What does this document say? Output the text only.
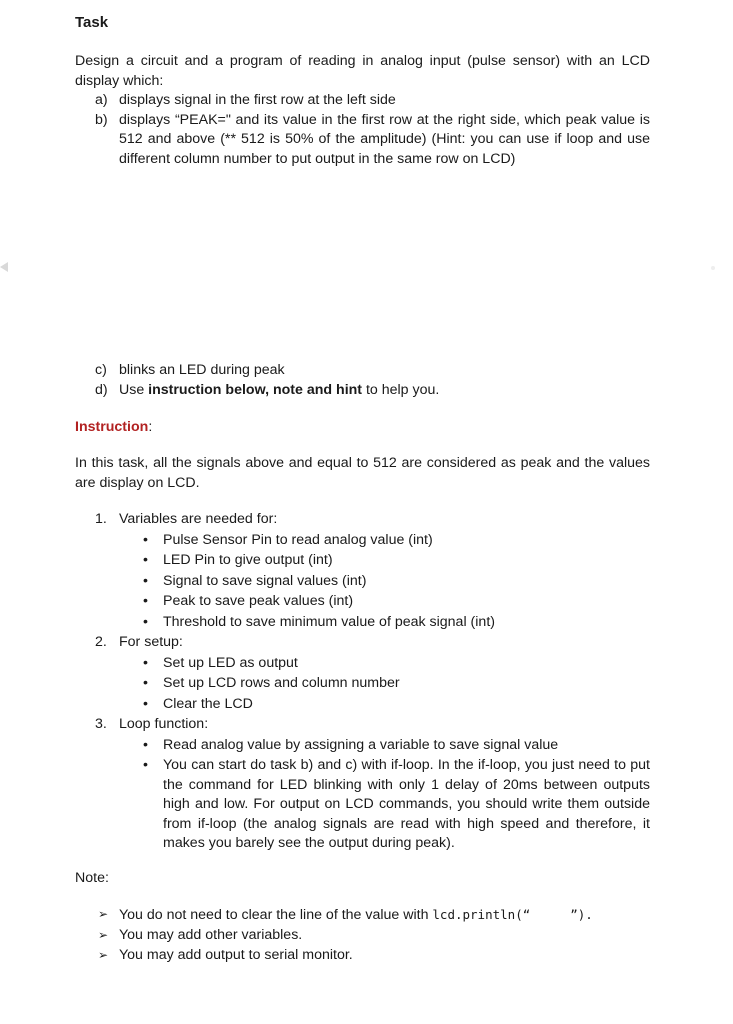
Task
Design a circuit and a program of reading in analog input (pulse sensor) with an LCD display which:
a) displays signal in the first row at the left side
b) displays “PEAK=" and its value in the first row at the right side, which peak value is 512 and above (** 512 is 50% of the amplitude) (Hint: you can use if loop and use different column number to put output in the same row on LCD)
c) blinks an LED during peak
d) Use instruction below, note and hint to help you.
Instruction:
In this task, all the signals above and equal to 512 are considered as peak and the values are display on LCD.
1. Variables are needed for:
• Pulse Sensor Pin to read analog value (int)
• LED Pin to give output (int)
• Signal to save signal values (int)
• Peak to save peak values (int)
• Threshold to save minimum value of peak signal (int)
2. For setup:
• Set up LED as output
• Set up LCD rows and column number
• Clear the LCD
3. Loop function:
• Read analog value by assigning a variable to save signal value
• You can start do task b) and c) with if-loop. In the if-loop, you just need to put the command for LED blinking with only 1 delay of 20ms between outputs high and low. For output on LCD commands, you should write them outside from if-loop (the analog signals are read with high speed and therefore, it makes you barely see the output during peak).
Note:
➢ You do not need to clear the line of the value with lcd.println(“	”).
➢ You may add other variables.
➢ You may add output to serial monitor.
